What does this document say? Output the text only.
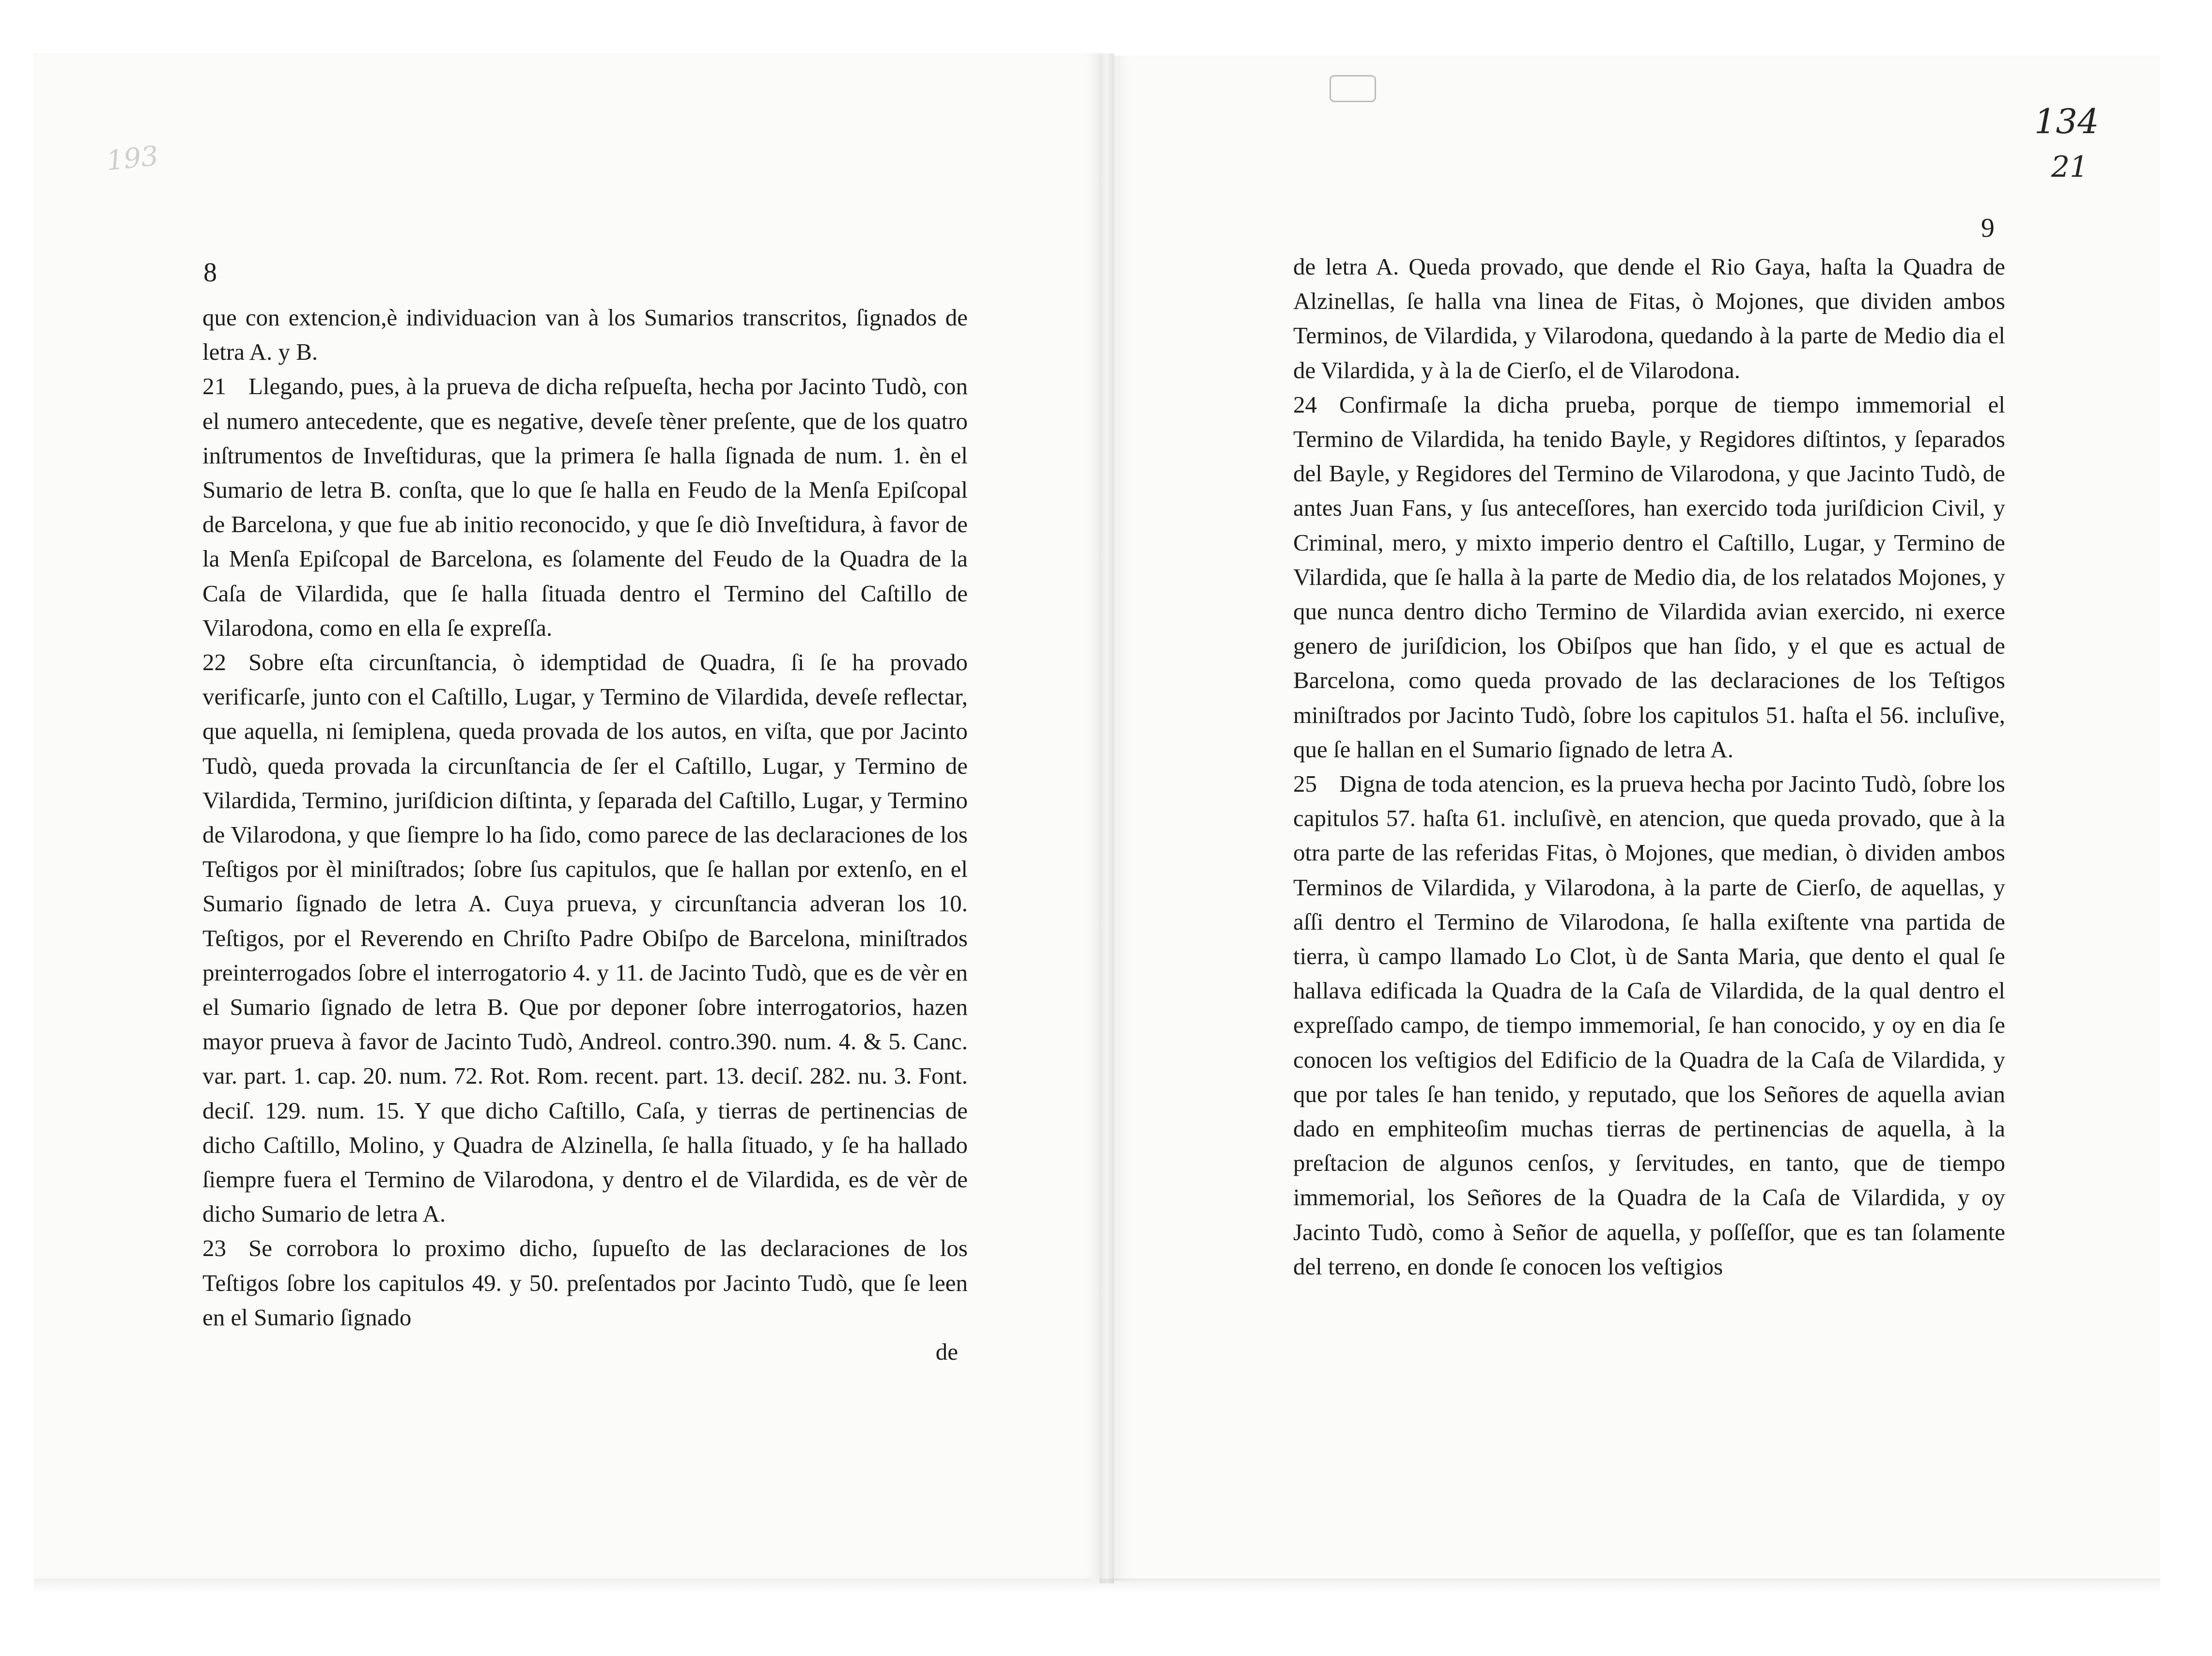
193
8

que con extencion,è individuacion van à los Sumarios transcritos, ſignados de letra A. y B.

21 Llegando, pues, à la prueva de dicha reſpueſta, hecha por Jacinto Tudò, con el numero antecedente, que es negative, deveſe tèner preſente, que de los quatro inſtrumentos de Inveſtiduras, que la primera ſe halla ſignada de num. 1. èn el Sumario de letra B. conſta, que lo que ſe halla en Feudo de la Menſa Epiſcopal de Barcelona, y que fue ab initio reconocido, y que ſe diò Inveſtidura, à favor de la Menſa Epiſcopal de Barcelona, es ſolamente del Feudo de la Quadra de la Caſa de Vilardida, que ſe halla ſituada dentro el Termino del Caſtillo de Vilarodona, como en ella ſe expreſſa.

22 Sobre eſta circunſtancia, ò idemptidad de Quadra, ſi ſe ha provado verificarſe, junto con el Caſtillo, Lugar, y Termino de Vilardida, deveſe reflectar, que aquella, ni ſemiplena, queda provada de los autos, en viſta, que por Jacinto Tudò, queda provada la circunſtancia de ſer el Caſtillo, Lugar, y Termino de Vilardida, Termino, juriſdicion diſtinta, y ſeparada del Caſtillo, Lugar, y Termino de Vilarodona, y que ſiempre lo ha ſido, como parece de las declaraciones de los Teſtigos por èl miniſtrados; ſobre ſus capitulos, que ſe hallan por extenſo, en el Sumario ſignado de letra A. Cuya prueva, y circunſtancia adveran los 10. Teſtigos, por el Reverendo en Chriſto Padre Obiſpo de Barcelona, miniſtrados preinterrogados ſobre el interrogatorio 4. y 11. de Jacinto Tudò, que es de vèr en el Sumario ſignado de letra B. Que por deponer ſobre interrogatorios, hazen mayor prueva à favor de Jacinto Tudò, Andreol. contro.390. num. 4. & 5. Canc. var. part. 1. cap. 20. num. 72. Rot. Rom. recent. part. 13. deciſ. 282. nu. 3. Font. deciſ. 129. num. 15. Y que dicho Caſtillo, Caſa, y tierras de pertinencias de dicho Caſtillo, Molino, y Quadra de Alzinella, ſe halla ſituado, y ſe ha hallado ſiempre fuera el Termino de Vilarodona, y dentro el de Vilardida, es de vèr de dicho Sumario de letra A.

23 Se corrobora lo proximo dicho, ſupueſto de las declaraciones de los Teſtigos ſobre los capitulos 49. y 50. preſentados por Jacinto Tudò, que ſe leen en el Sumario ſignado

de
134
21
9

de letra A. Queda provado, que dende el Rio Gaya, haſta la Quadra de Alzinellas, ſe halla vna linea de Fitas, ò Mojones, que dividen ambos Terminos, de Vilardida, y Vilarodona, quedando à la parte de Medio dia el de Vilardida, y à la de Cierſo, el de Vilarodona.

24 Confirmaſe la dicha prueba, porque de tiempo immemorial el Termino de Vilardida, ha tenido Bayle, y Regidores diſtintos, y ſeparados del Bayle, y Regidores del Termino de Vilarodona, y que Jacinto Tudò, de antes Juan Fans, y ſus anteceſſores, han exercido toda juriſdicion Civil, y Criminal, mero, y mixto imperio dentro el Caſtillo, Lugar, y Termino de Vilardida, que ſe halla à la parte de Medio dia, de los relatados Mojones, y que nunca dentro dicho Termino de Vilardida avian exercido, ni exerce genero de juriſdicion, los Obiſpos que han ſido, y el que es actual de Barcelona, como queda provado de las declaraciones de los Teſtigos miniſtrados por Jacinto Tudò, ſobre los capitulos 51. haſta el 56. incluſive, que ſe hallan en el Sumario ſignado de letra A.

25 Digna de toda atencion, es la prueva hecha por Jacinto Tudò, ſobre los capitulos 57. haſta 61. incluſivè, en atencion, que queda provado, que à la otra parte de las referidas Fitas, ò Mojones, que median, ò dividen ambos Terminos de Vilardida, y Vilarodona, à la parte de Cierſo, de aquellas, y aſſi dentro el Termino de Vilarodona, ſe halla exiſtente vna partida de tierra, ù campo llamado Lo Clot, ù de Santa Maria, que dento el qual ſe hallava edificada la Quadra de la Caſa de Vilardida, de la qual dentro el expreſſado campo, de tiempo immemorial, ſe han conocido, y oy en dia ſe conocen los veſtigios del Edificio de la Quadra de la Caſa de Vilardida, y que por tales ſe han tenido, y reputado, que los Señores de aquella avian dado en emphiteoſim muchas tierras de pertinencias de aquella, à la preſtacion de algunos cenſos, y ſervitudes, en tanto, que de tiempo immemorial, los Señores de la Quadra de la Caſa de Vilardida, y oy Jacinto Tudò, como à Señor de aquella, y poſſeſſor, que es tan ſolamente del terreno, en donde ſe conocen los veſtigios
